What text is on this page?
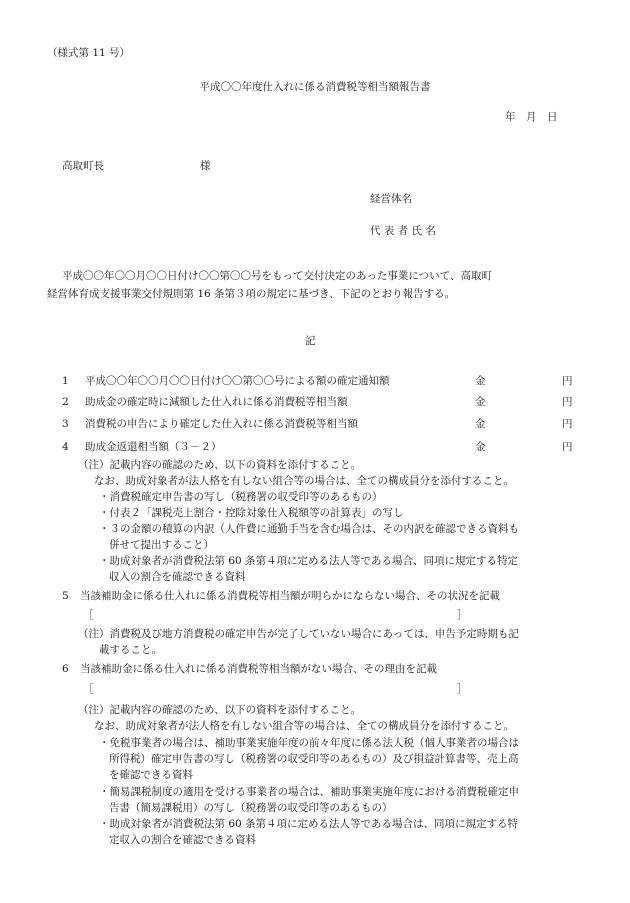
（様式第 11 号）
平成〇〇年度仕入れに係る消費税等相当額報告書
年　月　日
高取町長	様
経営体名
代 表 者 氏 名
平成〇〇年〇〇月〇〇日付け〇〇第〇〇号をもって交付決定のあった事業について、高取町
経営体育成支援事業交付規則第 16 条第３項の規定に基づき、下記のとおり報告する。
記
1 平成〇〇年〇〇月〇〇日付け〇〇第〇〇号による額の確定通知額	金	円
2 助成金の確定時に減額した仕入れに係る消費税等相当額	金	円
3 消費税の申告により確定した仕入れに係る消費税等相当額	金	円
4 助成金返還相当額（３－２）	金	円
（注）記載内容の確認のため、以下の資料を添付すること。
なお、助成対象者が法人格を有しない組合等の場合は、全ての構成員分を添付すること。
・消費税確定申告書の写し（税務署の収受印等のあるもの）
・付表２「課税売上割合・控除対象仕入税額等の計算表」の写し
・３の金額の積算の内訳（人件費に通勤手当を含む場合は、その内訳を確認できる資料も
併せて提出すること）
・助成対象者が消費税法第 60 条第４項に定める法人等である場合、同項に規定する特定
収入の割合を確認できる資料
5 当該補助金に係る仕入れに係る消費税等相当額が明らかにならない場合、その状況を記載
［	］
（注）消費税及び地方消費税の確定申告が完了していない場合にあっては、申告予定時期も記
載すること。
6 当該補助金に係る仕入れに係る消費税等相当額がない場合、その理由を記載
［	］
（注）記載内容の確認のため、以下の資料を添付すること。
なお、助成対象者が法人格を有しない組合等の場合は、全ての構成員分を添付すること。
・免税事業者の場合は、補助事業実施年度の前々年度に係る法人税（個人事業者の場合は
所得税）確定申告書の写し（税務署の収受印等のあるもの）及び損益計算書等、売上高
を確認できる資料
・簡易課税制度の適用を受ける事業者の場合は、補助事業実施年度における消費税確定申
告書（簡易課税用）の写し（税務署の収受印等のあるもの）
・助成対象者が消費税法第 60 条第４項に定める法人等である場合は、同項に規定する特
定収入の割合を確認できる資料
